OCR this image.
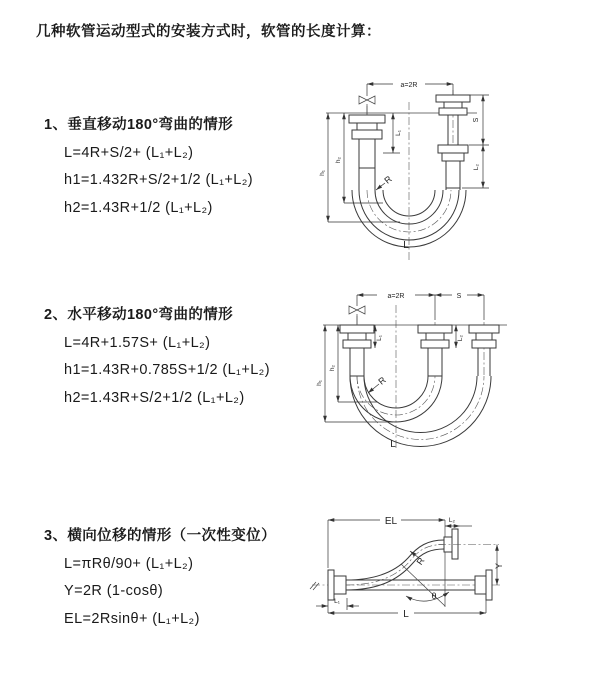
几种软管运动型式的安装方式时，软管的长度计算：

1、垂直移动180°弯曲的情形

L=4R+S/2+ (L₁+L₂)

h1=1.432R+S/2+1/2 (L₁+L₂)

h2=1.43R+1/2 (L₁+L₂)

2、水平移动180°弯曲的情形

L=4R+1.57S+ (L₁+L₂)

h1=1.43R+0.785S+1/2 (L₁+L₂)

h2=1.43R+S/2+1/2 (L₁+L₂)

3、横向位移的情形（一次性变位）

L=πRθ/90+ (L₁+L₂)

Y=2R (1-cosθ)

EL=2Rsinθ+ (L₁+L₂)

a=2R
h₁
h₂
L₁
S
L₂
R
L
a=2R	S
h₁
h₂
L₁	L₂
R
L
EL	L₂
Y
L
L₁
θ
R
